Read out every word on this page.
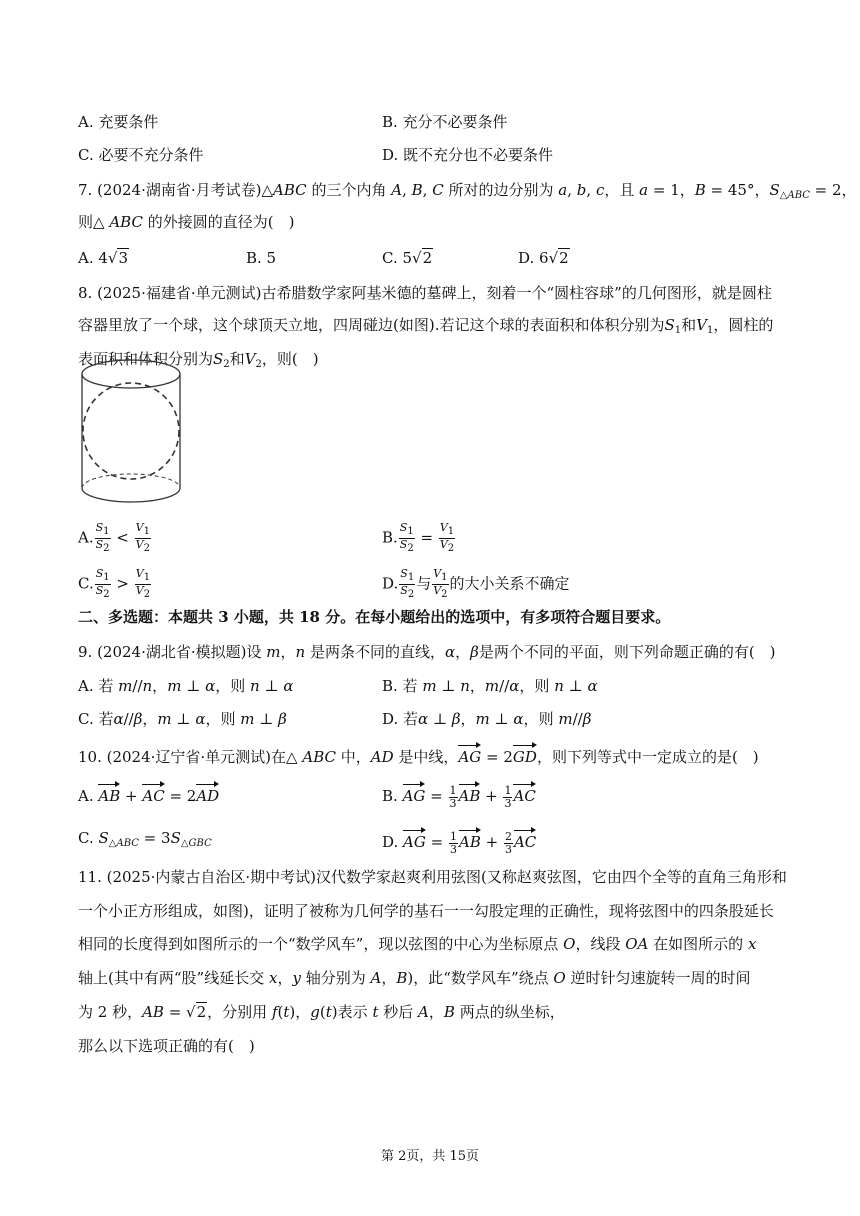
A. 充要条件	B. 充分不必要条件
C. 必要不充分条件	D. 既不充分也不必要条件
7. (2024·湖南省·月考试卷)△ABC 的三个内角 A, B, C 所对的边分别为 a, b, c，且 a = 1，B = 45°，$S_{\triangle ABC} = 2$，
则△ ABC 的外接圆的直径为(　)
A. 4√3	B. 5	C. 5√2	D. 6√2
8. (2025·福建省·单元测试)古希腊数学家阿基米德的墓碑上，刻着一个“圆柱容球”的几何图形，就是圆柱
容器里放了一个球，这个球顶天立地，四周碰边(如图).若记这个球的表面积和体积分别为$S_1$和$V_1$，圆柱的
表面积和体积分别为$S_2$和$V_2$，则(　)
A. $\frac{S1}{S2} < \frac{V1}{V2}$	B. $\frac{S1}{S2} = \frac{V1}{V2}$
C. $\frac{S1}{S2} > \frac{V1}{V2}$	D. $\frac{S1}{S2}$ 与 $\frac{V1}{V2}$ 的大小关系不确定
二、多选题：本题共 3 小题，共 18 分。在每小题给出的选项中，有多项符合题目要求。
9. (2024·湖北省·模拟题)设 m，n 是两条不同的直线，α，β是两个不同的平面，则下列命题正确的有(　)
A. 若 m//n，m ⊥ α，则 n ⊥ α	B. 若 m ⊥ n，m//α，则 n ⊥ α
C. 若α//β，m ⊥ α，则 m ⊥ β	D. 若α ⊥ β，m ⊥ α，则 m//β
10. (2024·辽宁省·单元测试)在△ ABC 中，AD 是中线，AG = 2GD，则下列等式中一定成立的是(　)
A. AB + AC = 2AD	B. AG = $\frac{1}{3}$ AB + $\frac{1}{3}$ AC
C. $S_{\triangle ABC} = 3S_{\triangle GBC}$	D. AG = $\frac{1}{3}$ AB + $\frac{2}{3}$ AC
11. (2025·内蒙古自治区·期中考试)汉代数学家赵爽利用弦图(又称赵爽弦图，它由四个全等的直角三角形和
一个小正方形组成，如图)，证明了被称为几何学的基石一一勾股定理的正确性，现将弦图中的四条股延长
相同的长度得到如图所示的一个“数学风车”，现以弦图的中心为坐标原点 O，线段 OA 在如图所示的 x
轴上(其中有两“股”线延长交 x，y 轴分别为 A，B)，此“数学风车”绕点 O 逆时针匀速旋转一周的时间
为 2 秒，AB = √2，分别用 f(t)，g(t)表示 t 秒后 A，B 两点的纵坐标，
那么以下选项正确的有(　)
第 2页，共 15页
